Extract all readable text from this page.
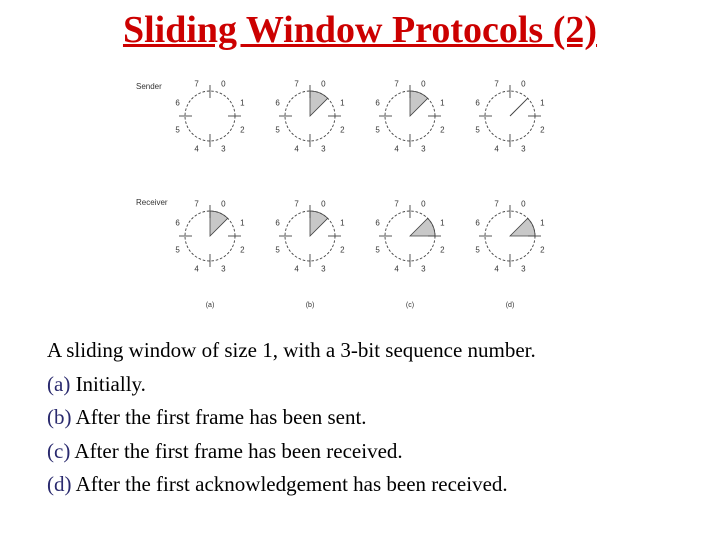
Sliding Window Protocols (2)
Sender
Receiver
0
1
2
3
4
5
6
7	0
1
2
3
4
5
6
7	0
1
2
3
4
5
6
7	0
1
2
3
4
5
6
7
0
1
2
3
4
5
6
7
(a)
0
1
2
3
4
5
6
7
(b)
0
1
2
3
4
5
6
7
(c)
0
1
2
3
4
5
6
7
(d)
A sliding window of size 1, with a 3-bit sequence number.
(a) Initially.
(b) After the first frame has been sent.
(c) After the first frame has been received.
(d) After the first acknowledgement has been received.
